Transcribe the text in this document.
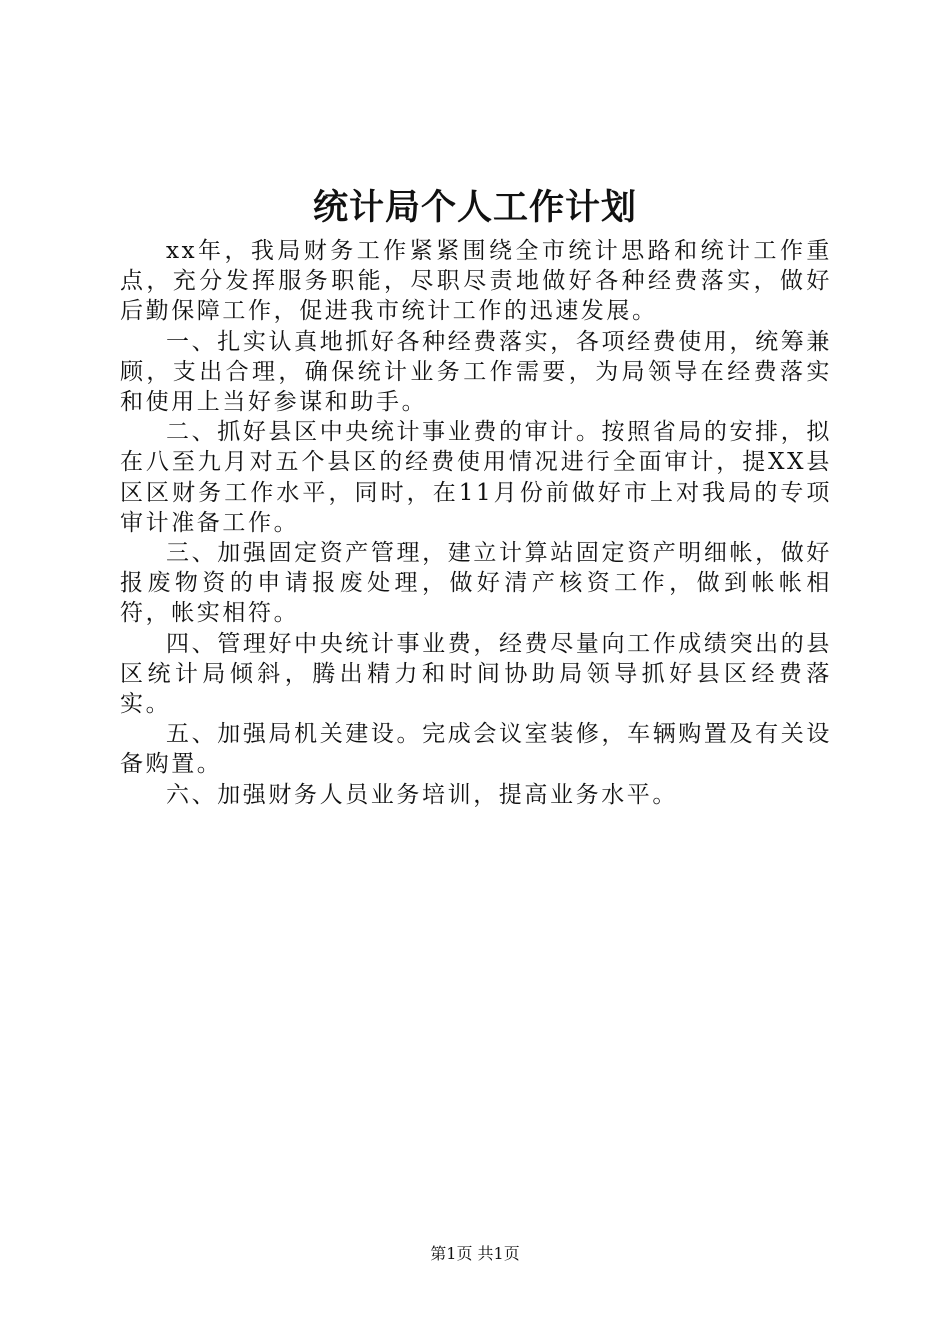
统计局个人工作计划

xx年，我局财务工作紧紧围绕全市统计思路和统计工作重点，充分发挥服务职能，尽职尽责地做好各种经费落实，做好后勤保障工作，促进我市统计工作的迅速发展。

一、扎实认真地抓好各种经费落实，各项经费使用，统筹兼顾，支出合理，确保统计业务工作需要，为局领导在经费落实和使用上当好参谋和助手。

二、抓好县区中央统计事业费的审计。按照省局的安排，拟在八至九月对五个县区的经费使用情况进行全面审计，提XX县区区财务工作水平，同时，在11月份前做好市上对我局的专项审计准备工作。

三、加强固定资产管理，建立计算站固定资产明细帐，做好报废物资的申请报废处理，做好清产核资工作，做到帐帐相符，帐实相符。

四、管理好中央统计事业费，经费尽量向工作成绩突出的县区统计局倾斜，腾出精力和时间协助局领导抓好县区经费落实。

五、加强局机关建设。完成会议室装修，车辆购置及有关设备购置。

六、加强财务人员业务培训，提高业务水平。

第1页 共1页
